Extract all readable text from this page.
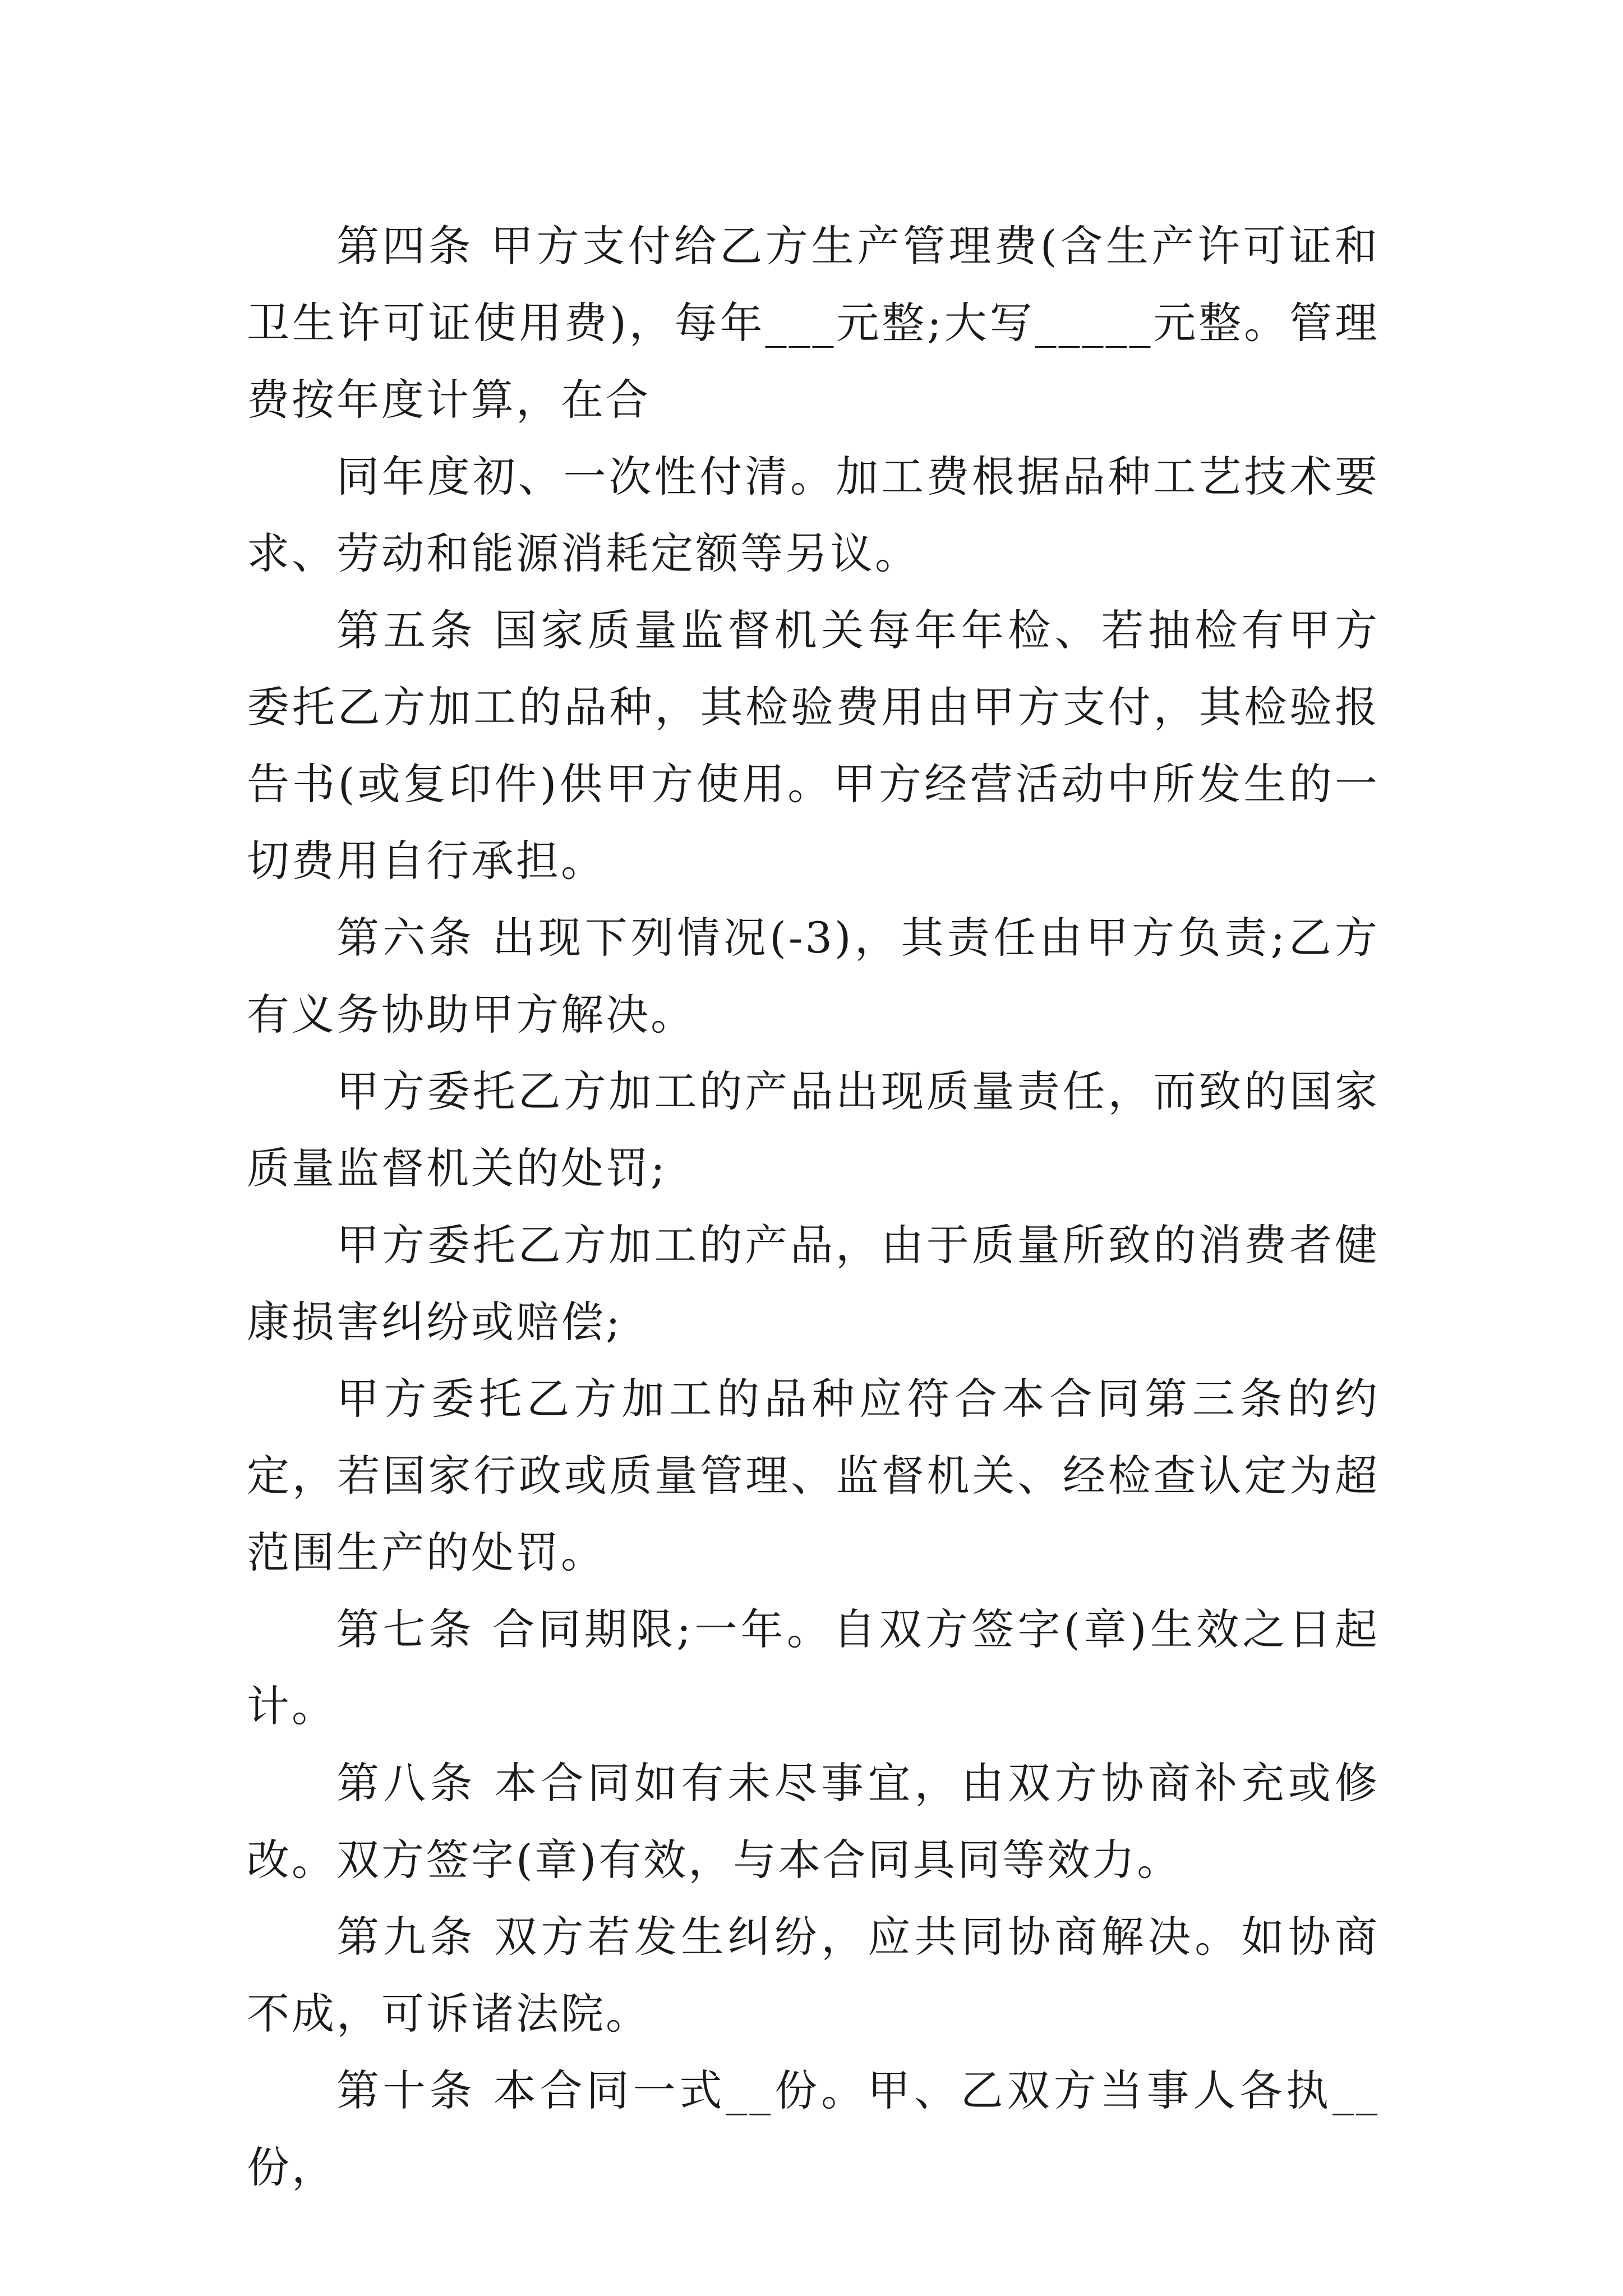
第四条 甲方支付给乙方生产管理费(含生产许可证和卫生许可证使用费)，每年___元整;大写_____元整。管理费按年度计算，在合

同年度初、一次性付清。加工费根据品种工艺技术要求、劳动和能源消耗定额等另议。

第五条 国家质量监督机关每年年检、若抽检有甲方委托乙方加工的品种，其检验费用由甲方支付，其检验报告书(或复印件)供甲方使用。甲方经营活动中所发生的一切费用自行承担。

第六条 出现下列情况(-3)，其责任由甲方负责;乙方有义务协助甲方解决。

甲方委托乙方加工的产品出现质量责任，而致的国家质量监督机关的处罚;

甲方委托乙方加工的产品，由于质量所致的消费者健康损害纠纷或赔偿;

甲方委托乙方加工的品种应符合本合同第三条的约定，若国家行政或质量管理、监督机关、经检查认定为超范围生产的处罚。

第七条 合同期限;一年。自双方签字(章)生效之日起计。

第八条 本合同如有未尽事宜，由双方协商补充或修改。双方签字(章)有效，与本合同具同等效力。

第九条 双方若发生纠纷，应共同协商解决。如协商不成，可诉诸法院。

第十条 本合同一式__份。甲、乙双方当事人各执__份，
